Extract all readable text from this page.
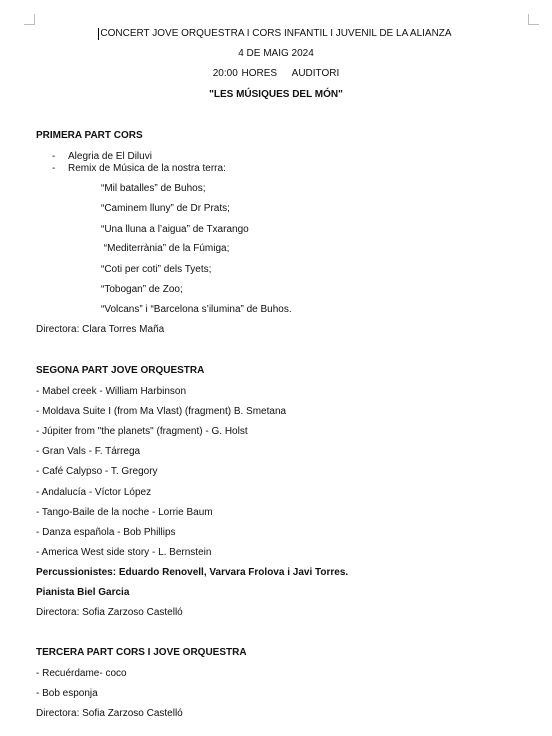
CONCERT JOVE ORQUESTRA I CORS INFANTIL I JUVENIL DE LA ALIANZA
4 DE MAIG 2024
20:00 HORES    AUDITORI
"LES MÚSIQUES DEL MÓN"
PRIMERA PART CORS
- Alegria de El Diluvi
- Remix de Música de la nostra terra:
“Mil batalles” de Buhos;
“Caminem lluny” de Dr Prats;
“Una lluna a l’aigua” de Txarango
“Mediterrània” de la Fúmiga;
“Coti per coti” dels Tyets;
“Tobogan” de Zoo;
“Volcans” i “Barcelona s’ilumina” de Buhos.
Directora: Clara Torres Maña
SEGONA PART JOVE ORQUESTRA
- Mabel creek - William Harbinson
- Moldava Suite I (from Ma Vlast) (fragment) B. Smetana
- Júpiter from "the planets" (fragment) - G. Holst
- Gran Vals - F. Tárrega
- Café Calypso - T. Gregory
- Andalucía - Víctor López
- Tango-Baile de la noche - Lorrie Baum
- Danza española - Bob Phillips
- America West side story - L. Bernstein
Percussionistes: Eduardo Renovell, Varvara Frolova i Javi Torres.
Pianista Biel Garcia
Directora: Sofia Zarzoso Castelló
TERCERA PART CORS I JOVE ORQUESTRA
- Recuérdame- coco
- Bob esponja
Directora: Sofia Zarzoso Castelló
